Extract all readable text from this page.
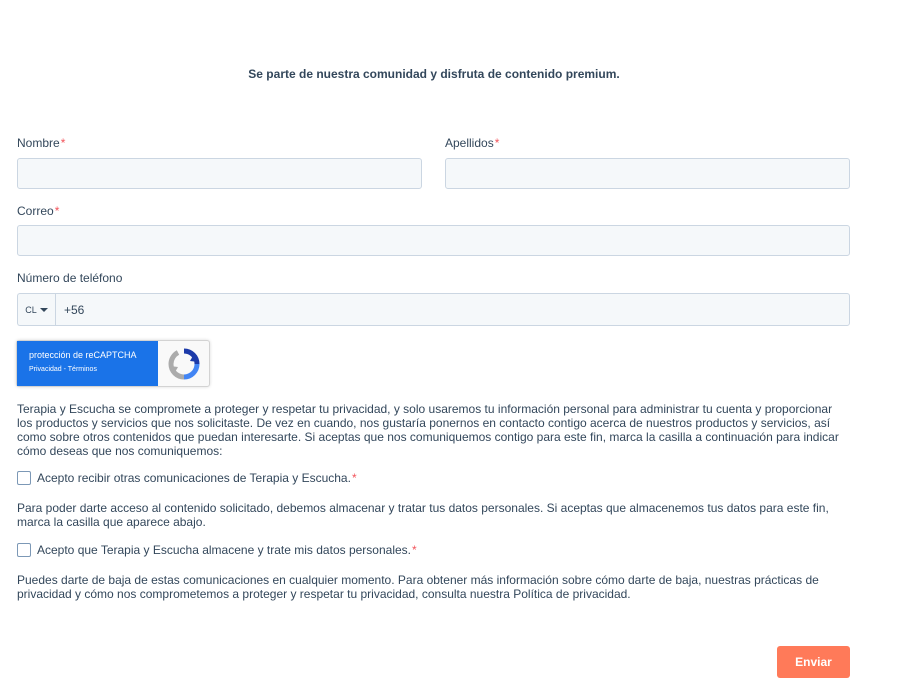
Se parte de nuestra comunidad y disfruta de contenido premium.
Nombre*	Apellidos*
Correo*
Número de teléfono
CL
+56
protección de reCAPTCHA
Privacidad - Términos
Terapia y Escucha se compromete a proteger y respetar tu privacidad, y solo usaremos tu información personal para administrar tu cuenta y proporcionar los productos y servicios que nos solicitaste. De vez en cuando, nos gustaría ponernos en contacto contigo acerca de nuestros productos y servicios, así como sobre otros contenidos que puedan interesarte. Si aceptas que nos comuniquemos contigo para este fin, marca la casilla a continuación para indicar cómo deseas que nos comuniquemos:
Acepto recibir otras comunicaciones de Terapia y Escucha. *
Para poder darte acceso al contenido solicitado, debemos almacenar y tratar tus datos personales. Si aceptas que almacenemos tus datos para este fin, marca la casilla que aparece abajo.
Acepto que Terapia y Escucha almacene y trate mis datos personales. *
Puedes darte de baja de estas comunicaciones en cualquier momento. Para obtener más información sobre cómo darte de baja, nuestras prácticas de privacidad y cómo nos comprometemos a proteger y respetar tu privacidad, consulta nuestra Política de privacidad.
Enviar
